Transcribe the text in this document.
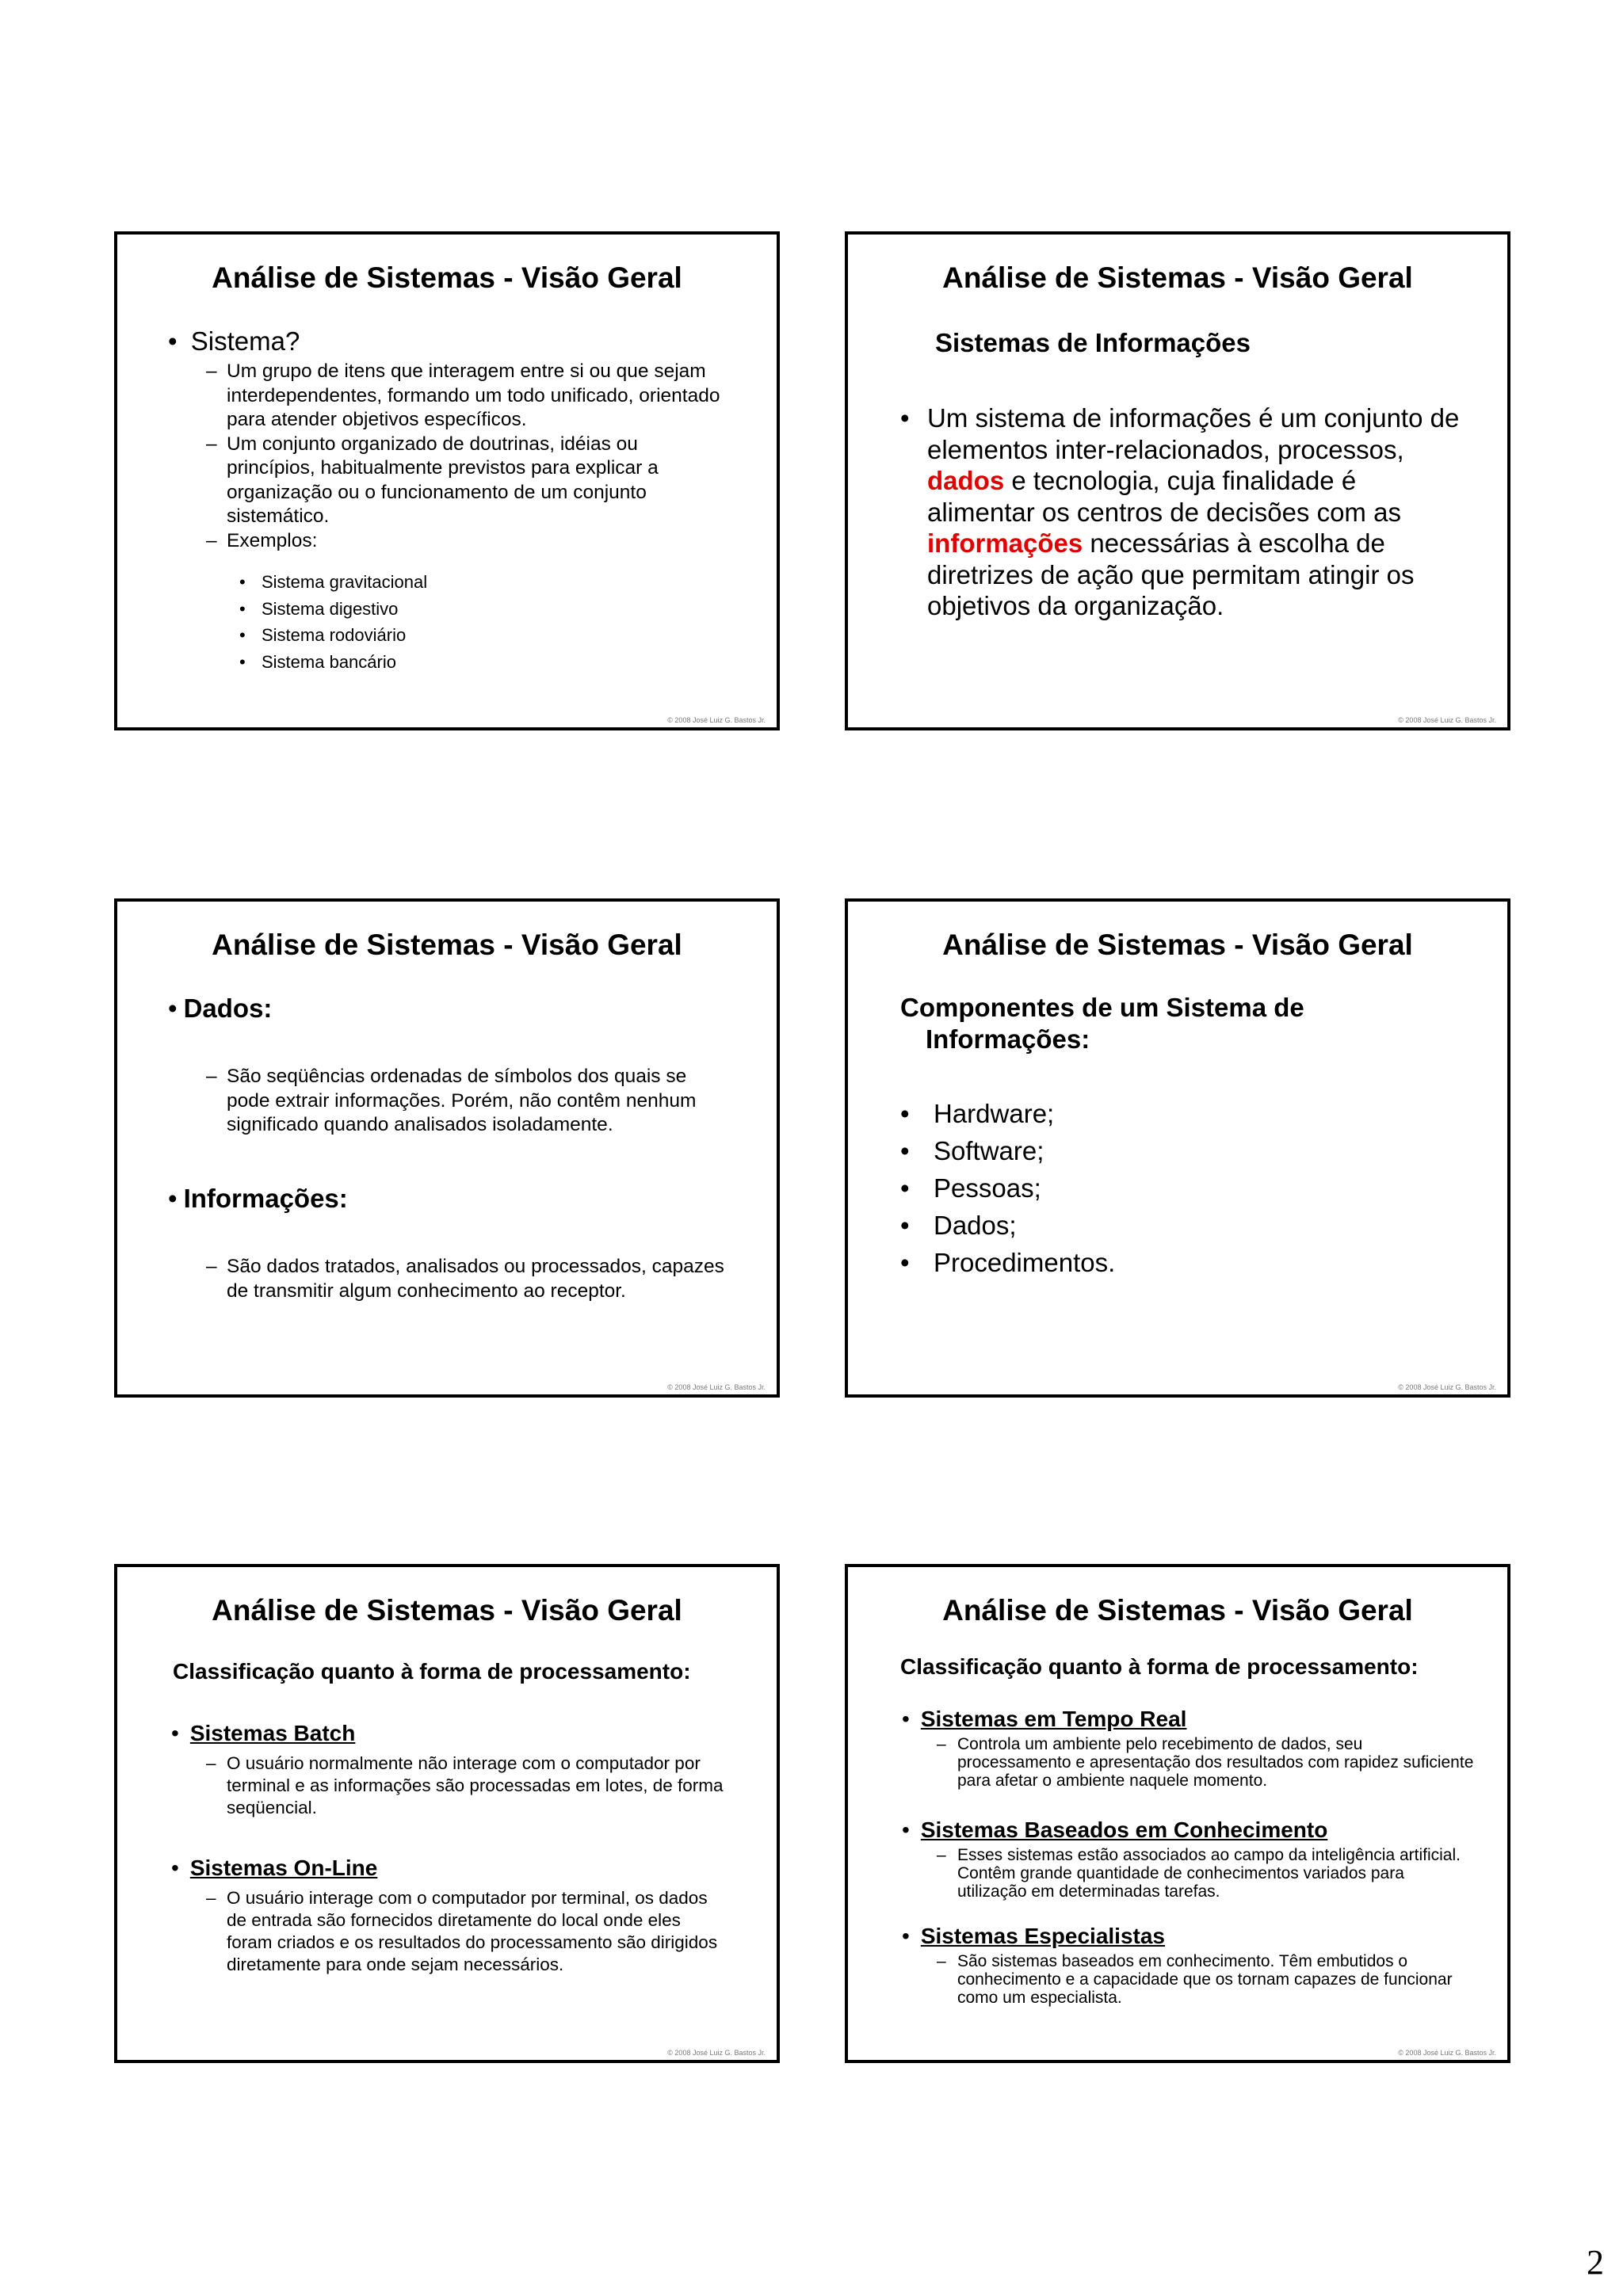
Análise de Sistemas - Visão Geral
• Sistema?
– Um grupo de itens que interagem entre si ou que sejam interdependentes, formando um todo unificado, orientado para atender objetivos específicos.
– Um conjunto organizado de doutrinas, idéias ou princípios, habitualmente previstos para explicar a organização ou o funcionamento de um conjunto sistemático.
– Exemplos:
• Sistema gravitacional
• Sistema digestivo
• Sistema rodoviário
• Sistema bancário
© 2008 José Luiz G. Bastos Jr.
Análise de Sistemas - Visão Geral
Sistemas de Informações
• Um sistema de informações é um conjunto de elementos inter-relacionados, processos, dados e tecnologia, cuja finalidade é alimentar os centros de decisões com as informações necessárias à escolha de diretrizes de ação que permitam atingir os objetivos da organização.
© 2008 José Luiz G. Bastos Jr.
Análise de Sistemas - Visão Geral
• Dados:
– São seqüências ordenadas de símbolos dos quais se pode extrair informações. Porém, não contêm nenhum significado quando analisados isoladamente.
• Informações:
– São dados tratados, analisados ou processados, capazes de transmitir algum conhecimento ao receptor.
© 2008 José Luiz G. Bastos Jr.
Análise de Sistemas - Visão Geral
Componentes de um Sistema de Informações:
• Hardware;
• Software;
• Pessoas;
• Dados;
• Procedimentos.
© 2008 José Luiz G. Bastos Jr.
Análise de Sistemas - Visão Geral
Classificação quanto à forma de processamento:
• Sistemas Batch
– O usuário normalmente não interage com o computador por terminal e as informações são processadas em lotes, de forma seqüencial.
• Sistemas On-Line
– O usuário interage com o computador por terminal, os dados de entrada são fornecidos diretamente do local onde eles foram criados e os resultados do processamento são dirigidos diretamente para onde sejam necessários.
© 2008 José Luiz G. Bastos Jr.
Análise de Sistemas - Visão Geral
Classificação quanto à forma de processamento:
• Sistemas em Tempo Real
– Controla um ambiente pelo recebimento de dados, seu processamento e apresentação dos resultados com rapidez suficiente para afetar o ambiente naquele momento.
• Sistemas Baseados em Conhecimento
– Esses sistemas estão associados ao campo da inteligência artificial. Contêm grande quantidade de conhecimentos variados para utilização em determinadas tarefas.
• Sistemas Especialistas
– São sistemas baseados em conhecimento. Têm embutidos o conhecimento e a capacidade que os tornam capazes de funcionar como um especialista.
© 2008 José Luiz G. Bastos Jr.
2
